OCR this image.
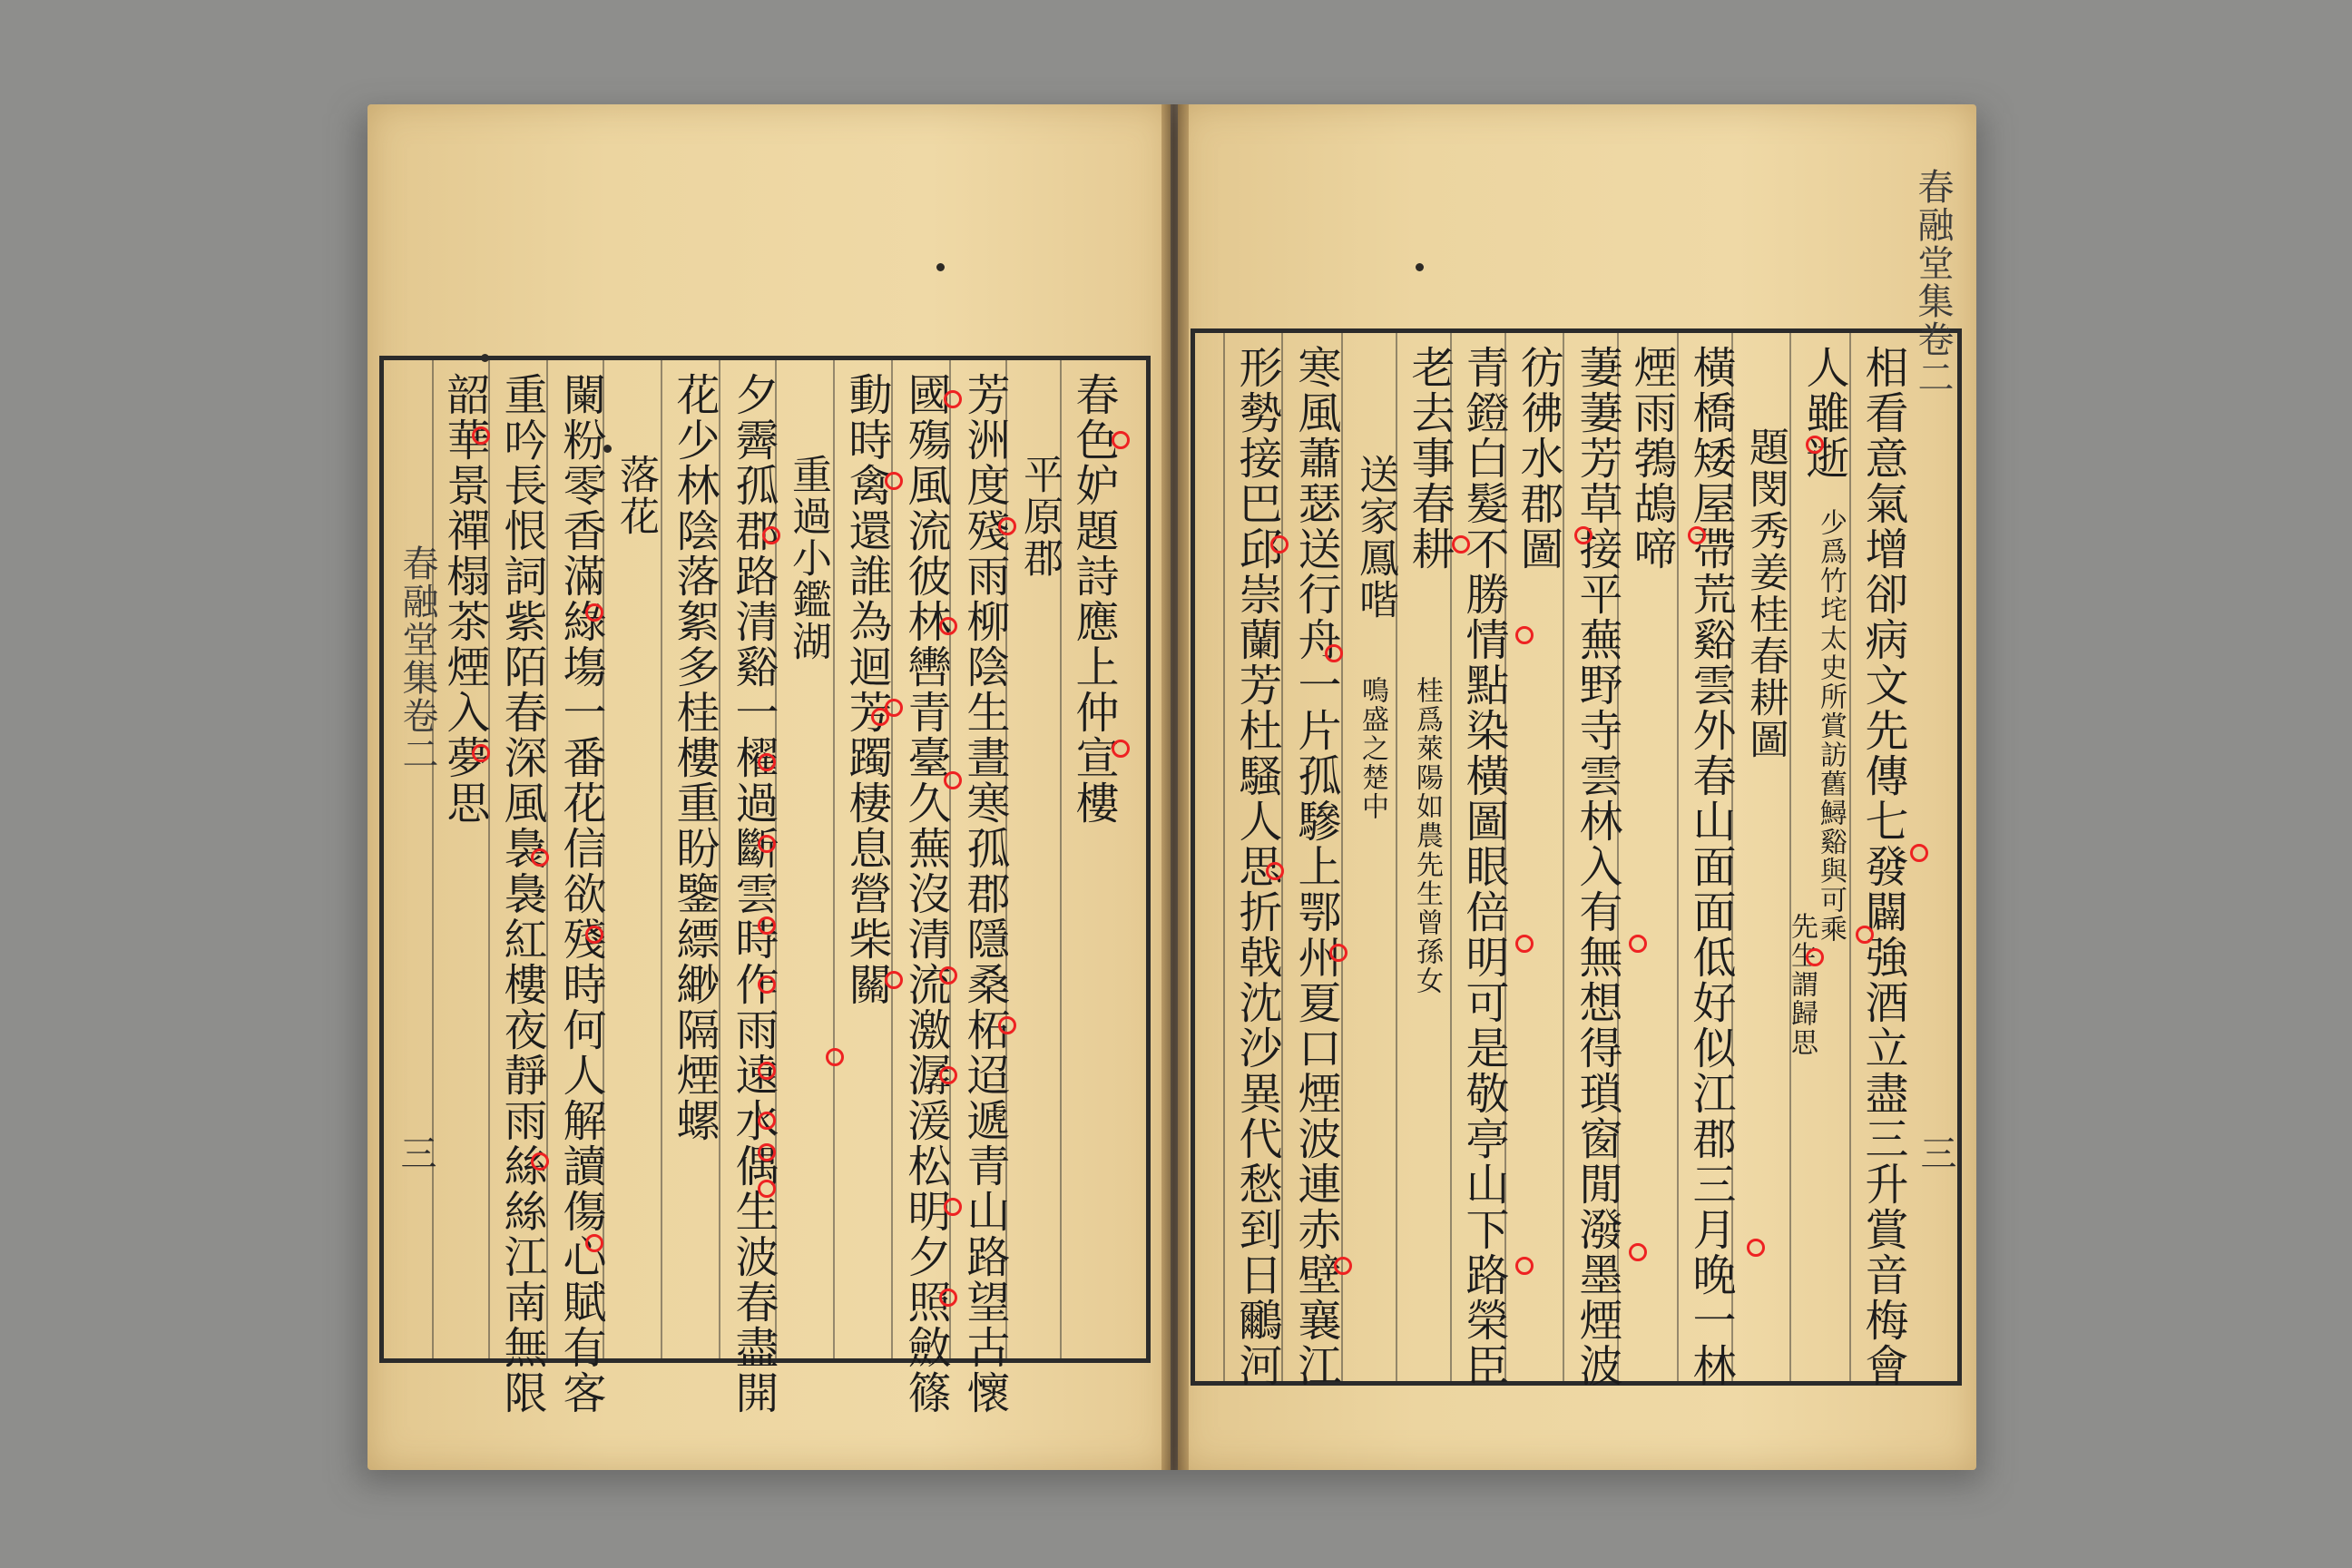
春融堂集卷二
三
春色妒題詩應上仲宣樓
平原郡
芳洲度殘雨柳陰生晝寒孤郡隱桑柘迢遞青山路望古懷
國殤風流彼林轡青臺久蕪沒清流激潺湲松明夕照斂篠
動時禽還誰為迴芳躅棲息營柴關
重過小鑑湖
夕霽孤郡路清谿一櫂過斷雲時作雨遠水偶生波春盡開
花少林陰落絮多桂樓重盼鑒縹緲隔煙螺
落花
闌粉零香滿綠塲一番花信欲殘時何人解讀傷心賦有客
重吟長恨詞紫陌春深風裊裊紅樓夜靜雨絲絲江南無限
韶華景禪榻茶煙入夢思
春融堂集卷二
三
相看意氣增卻病文先傳七發闢強酒立盡三升賞音梅會
人雖逝
少爲竹垞太史所賞訪舊鱘谿與可乘
先生謂歸思
題閔秀姜桂春耕圖
橫橋矮屋帶荒谿雲外春山面面低好似江郡三月晚一林
煙雨鵓鴣啼
萋萋芳草接平蕪野寺雲林入有無想得瑣窗閒潑墨煙波
彷彿水郡圖
青鐙白髮不勝情點染橫圖眼倍明可是敬亭山下路榮臣
老去事春耕
桂爲萊陽如農先生曾孫女
送家鳳喈
鳴盛之楚中
寒風蕭瑟送行舟一片孤驂上鄂州夏口煙波連赤壁襄江
形勢接巴邱崇蘭芳杜騷人思折戟沈沙異代愁到日鸍河
